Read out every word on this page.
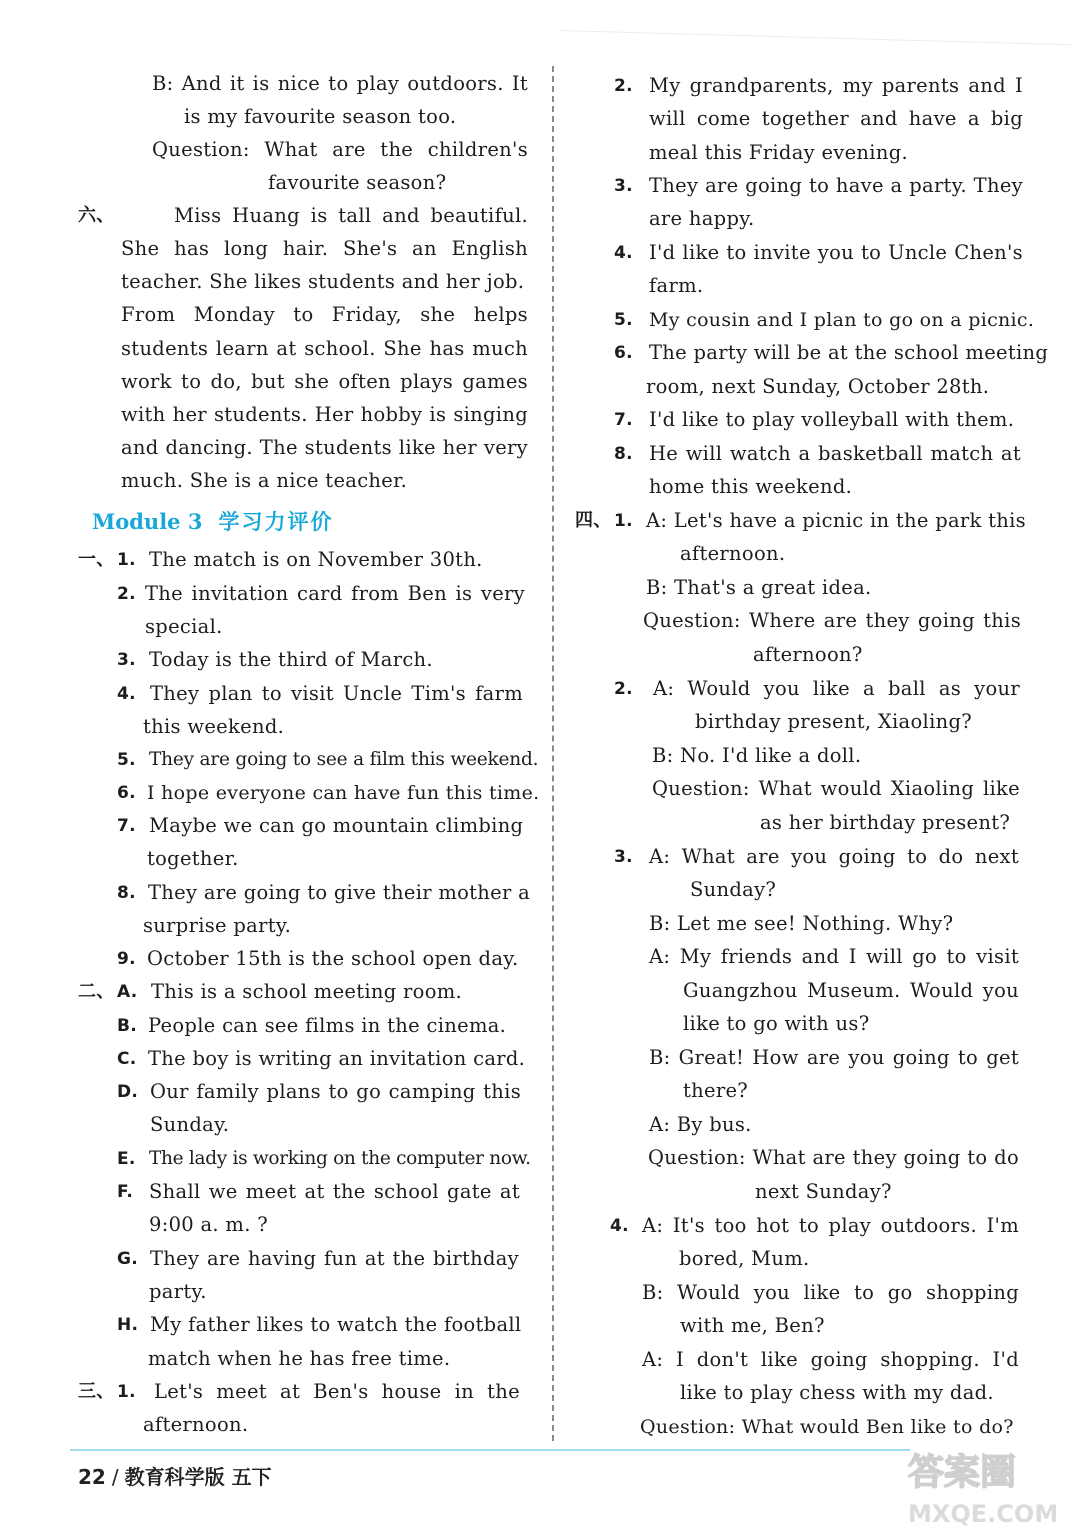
B: And it is nice to play outdoors. It
is my favourite season too.
Question: What are the children's
favourite season?
六、	Miss Huang is tall and beautiful.
She has long hair. She's an English
teacher. She likes students and her job.
From Monday to Friday, she helps
students learn at school. She has much
work to do, but she often plays games
with her students. Her hobby is singing
and dancing. The students like her very
much. She is a nice teacher.
Module 3 学习力评价
一、 1. The match is on November 30th.
2. The invitation card from Ben is very
special.
3. Today is the third of March.
4. They plan to visit Uncle Tim's farm
this weekend.
5. They are going to see a film this weekend.
6. I hope everyone can have fun this time.
7. Maybe we can go mountain climbing
together.
8. They are going to give their mother a
surprise party.
9. October 15th is the school open day.
二、 A. This is a school meeting room.
B. People can see films in the cinema.
C. The boy is writing an invitation card.
D. Our family plans to go camping this
Sunday.
E. The lady is working on the computer now.
F. Shall we meet at the school gate at
9:00 a. m. ?
G. They are having fun at the birthday
party.
H. My father likes to watch the football
match when he has free time.
三、 1. Let's meet at Ben's house in the
afternoon.
2. My grandparents, my parents and I
will come together and have a big
meal this Friday evening.
3. They are going to have a party. They
are happy.
4. I'd like to invite you to Uncle Chen's
farm.
5. My cousin and I plan to go on a picnic.
6. The party will be at the school meeting
room, next Sunday, October 28th.
7. I'd like to play volleyball with them.
8. He will watch a basketball match at
home this weekend.
四、 1. A: Let's have a picnic in the park this
afternoon.
B: That's a great idea.
Question: Where are they going this
afternoon?
2. A: Would you like a ball as your
birthday present, Xiaoling?
B: No. I'd like a doll.
Question: What would Xiaoling like
as her birthday present?
3. A: What are you going to do next
Sunday?
B: Let me see! Nothing. Why?
A: My friends and I will go to visit
Guangzhou Museum. Would you
like to go with us?
B: Great! How are you going to get
there?
A: By bus.
Question: What are they going to do
next Sunday?
4. A: It's too hot to play outdoors. I'm
bored, Mum.
B: Would you like to go shopping
with me, Ben?
A: I don't like going shopping. I'd
like to play chess with my dad.
Question: What would Ben like to do?
22 / 教育科学版 五下	答案圈
MXQE.COM
